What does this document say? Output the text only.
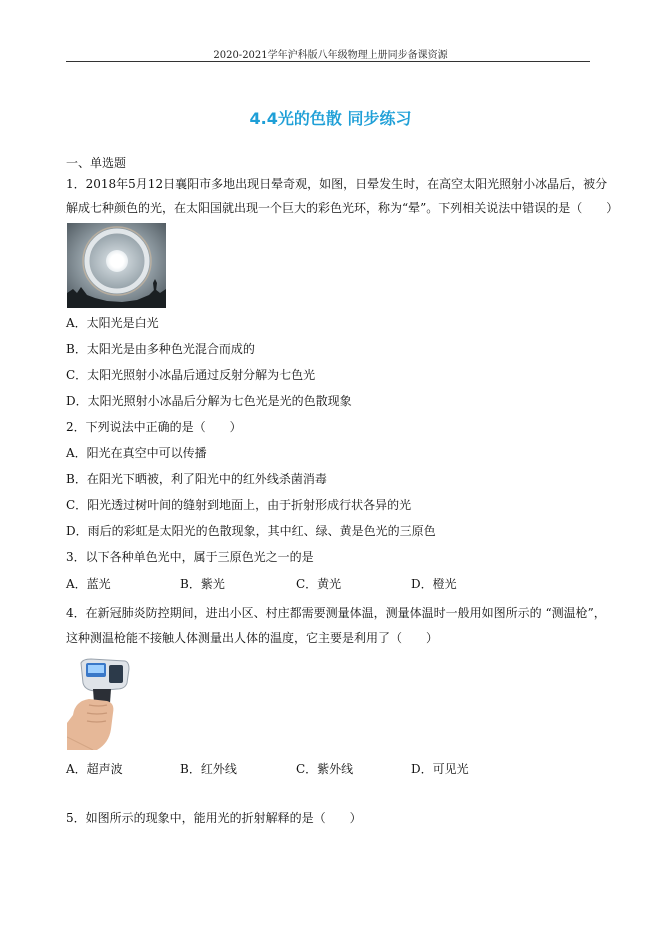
2020-2021学年沪科版八年级物理上册同步备课资源
4.4光的色散 同步练习
一、单选题
1．2018年5月12日襄阳市多地出现日晕奇观，如图，日晕发生时，在高空太阳光照射小冰晶后，被分
解成七种颜色的光，在太阳国就出现一个巨大的彩色光环，称为“晕”。下列相关说法中错误的是（　　）
A．太阳光是白光
B．太阳光是由多种色光混合而成的
C．太阳光照射小冰晶后通过反射分解为七色光
D．太阳光照射小冰晶后分解为七色光是光的色散现象
2．下列说法中正确的是（　　）
A．阳光在真空中可以传播
B．在阳光下晒被，利了阳光中的红外线杀菌消毒
C．阳光透过树叶间的缝射到地面上，由于折射形成行状各异的光
D．雨后的彩虹是太阳光的色散现象，其中红、绿、黄是色光的三原色
3．以下各种单色光中，属于三原色光之一的是
A．蓝光	B．紫光	C．黄光	D．橙光
4．在新冠肺炎防控期间，进出小区、村庄都需要测量体温，测量体温时一般用如图所示的 “测温枪”，
这种测温枪能不接触人体测量出人体的温度，它主要是利用了（　　）
A．超声波	B．红外线	C．紫外线	D．可见光
5．如图所示的现象中，能用光的折射解释的是（　　）
